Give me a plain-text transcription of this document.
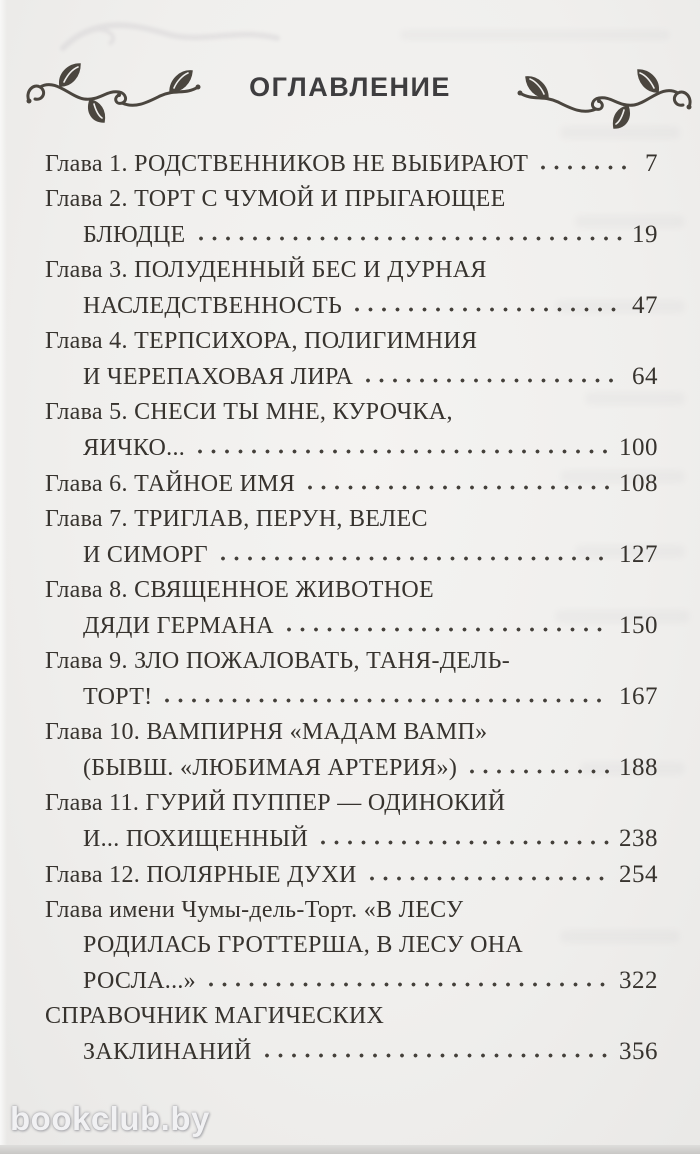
ОГЛАВЛЕНИЕ
Глава 1. РОДСТВЕННИКОВ НЕ ВЫБИРАЮТ	7
Глава 2. ТОРТ С ЧУМОЙ И ПРЫГАЮЩЕЕ
БЛЮДЦЕ	19
Глава 3. ПОЛУДЕННЫЙ БЕС И ДУРНАЯ
НАСЛЕДСТВЕННОСТЬ	47
Глава 4. ТЕРПСИХОРА, ПОЛИГИМНИЯ
И ЧЕРЕПАХОВАЯ ЛИРА	64
Глава 5. СНЕСИ ТЫ МНЕ, КУРОЧКА,
ЯИЧКО...	100
Глава 6. ТАЙНОЕ ИМЯ	108
Глава 7. ТРИГЛАВ, ПЕРУН, ВЕЛЕС
И СИМОРГ	127
Глава 8. СВЯЩЕННОЕ ЖИВОТНОЕ
ДЯДИ ГЕРМАНА	150
Глава 9. ЗЛО ПОЖАЛОВАТЬ, ТАНЯ-ДЕЛЬ-
ТОРТ!	167
Глава 10. ВАМПИРНЯ «МАДАМ ВАМП»
(БЫВШ. «ЛЮБИМАЯ АРТЕРИЯ»)	188
Глава 11. ГУРИЙ ПУППЕР — ОДИНОКИЙ
И... ПОХИЩЕННЫЙ	238
Глава 12. ПОЛЯРНЫЕ ДУХИ	254
Глава имени Чумы-дель-Торт. «В ЛЕСУ
РОДИЛАСЬ ГРОТТЕРША, В ЛЕСУ ОНА
РОСЛА...»	322
СПРАВОЧНИК МАГИЧЕСКИХ
ЗАКЛИНАНИЙ	356
bookclub.by
